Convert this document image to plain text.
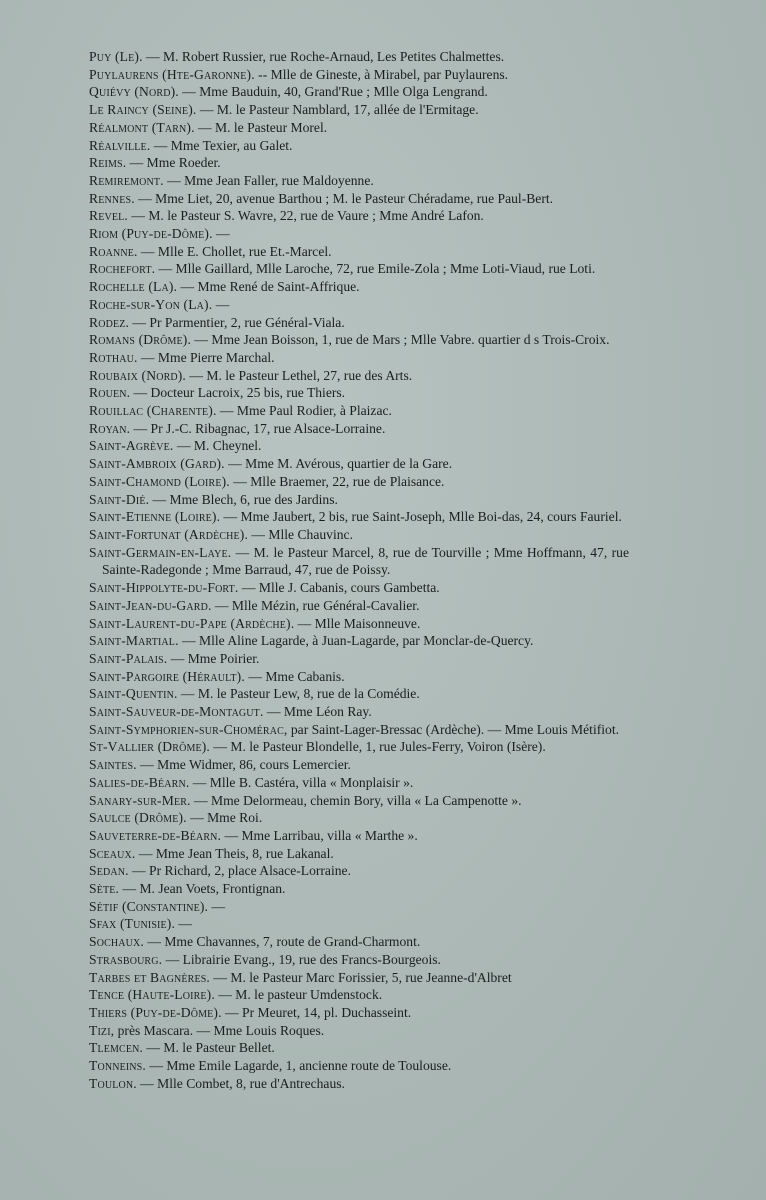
Puy (Le). — M. Robert Russier, rue Roche-Arnaud, Les Petites Chalmettes.
Puylaurens (Hte-Garonne). -- Mlle de Gineste, à Mirabel, par Puylaurens.
Quiévy (Nord). — Mme Bauduin, 40, Grand'Rue ; Mlle Olga Lengrand.
Le Raincy (Seine). — M. le Pasteur Namblard, 17, allée de l'Ermitage.
Réalmont (Tarn). — M. le Pasteur Morel.
Réalville. — Mme Texier, au Galet.
Reims. — Mme Roeder.
Remiremont. — Mme Jean Faller, rue Maldoyenne.
Rennes. — Mme Liet, 20, avenue Barthou ; M. le Pasteur Chéradame, rue Paul-Bert.
Revel. — M. le Pasteur S. Wavre, 22, rue de Vaure ; Mme André Lafon.
Riom (Puy-de-Dôme). —
Roanne. — Mlle E. Chollet, rue Et.-Marcel.
Rochefort. — Mlle Gaillard, Mlle Laroche, 72, rue Emile-Zola ; Mme Loti-Viaud, rue Loti.
Rochelle (La). — Mme René de Saint-Affrique.
Roche-sur-Yon (La). —
Rodez. — Pr Parmentier, 2, rue Général-Viala.
Romans (Drôme). — Mme Jean Boisson, 1, rue de Mars ; Mlle Vabre. quartier d s Trois-Croix.
Rothau. — Mme Pierre Marchal.
Roubaix (Nord). — M. le Pasteur Lethel, 27, rue des Arts.
Rouen. — Docteur Lacroix, 25 bis, rue Thiers.
Rouillac (Charente). — Mme Paul Rodier, à Plaizac.
Royan. — Pr J.-C. Ribagnac, 17, rue Alsace-Lorraine.
Saint-Agrève. — M. Cheynel.
Saint-Ambroix (Gard). — Mme M. Avérous, quartier de la Gare.
Saint-Chamond (Loire). — Mlle Braemer, 22, rue de Plaisance.
Saint-Dié. — Mme Blech, 6, rue des Jardins.
Saint-Etienne (Loire). — Mme Jaubert, 2 bis, rue Saint-Joseph, Mlle Boi-das, 24, cours Fauriel.
Saint-Fortunat (Ardèche). — Mlle Chauvinc.
Saint-Germain-en-Laye. — M. le Pasteur Marcel, 8, rue de Tourville ; Mme Hoffmann, 47, rue Sainte-Radegonde ; Mme Barraud, 47, rue de Poissy.
Saint-Hippolyte-du-Fort. — Mlle J. Cabanis, cours Gambetta.
Saint-Jean-du-Gard. — Mlle Mézin, rue Général-Cavalier.
Saint-Laurent-du-Pape (Ardèche). — Mlle Maisonneuve.
Saint-Martial. — Mlle Aline Lagarde, à Juan-Lagarde, par Monclar-de-Quercy.
Saint-Palais. — Mme Poirier.
Saint-Pargoire (Hérault). — Mme Cabanis.
Saint-Quentin. — M. le Pasteur Lew, 8, rue de la Comédie.
Saint-Sauveur-de-Montagut. — Mme Léon Ray.
Saint-Symphorien-sur-Chomérac, par Saint-Lager-Bressac (Ardèche). — Mme Louis Métifiot.
St-Vallier (Drôme). — M. le Pasteur Blondelle, 1, rue Jules-Ferry, Voiron (Isère).
Saintes. — Mme Widmer, 86, cours Lemercier.
Salies-de-Béarn. — Mlle B. Castéra, villa « Monplaisir ».
Sanary-sur-Mer. — Mme Delormeau, chemin Bory, villa « La Campenotte ».
Saulce (Drôme). — Mme Roi.
Sauveterre-de-Béarn. — Mme Larribau, villa « Marthe ».
Sceaux. — Mme Jean Theis, 8, rue Lakanal.
Sedan. — Pr Richard, 2, place Alsace-Lorraine.
Sète. — M. Jean Voets, Frontignan.
Sétif (Constantine). —
Sfax (Tunisie). —
Sochaux. — Mme Chavannes, 7, route de Grand-Charmont.
Strasbourg. — Librairie Evang., 19, rue des Francs-Bourgeois.
Tarbes et Bagnères. — M. le Pasteur Marc Forissier, 5, rue Jeanne-d'Albret
Tence (Haute-Loire). — M. le pasteur Umdenstock.
Thiers (Puy-de-Dôme). — Pr Meuret, 14, pl. Duchasseint.
Tizi, près Mascara. — Mme Louis Roques.
Tlemcen. — M. le Pasteur Bellet.
Tonneins. — Mme Emile Lagarde, 1, ancienne route de Toulouse.
Toulon. — Mlle Combet, 8, rue d'Antrechaus.
